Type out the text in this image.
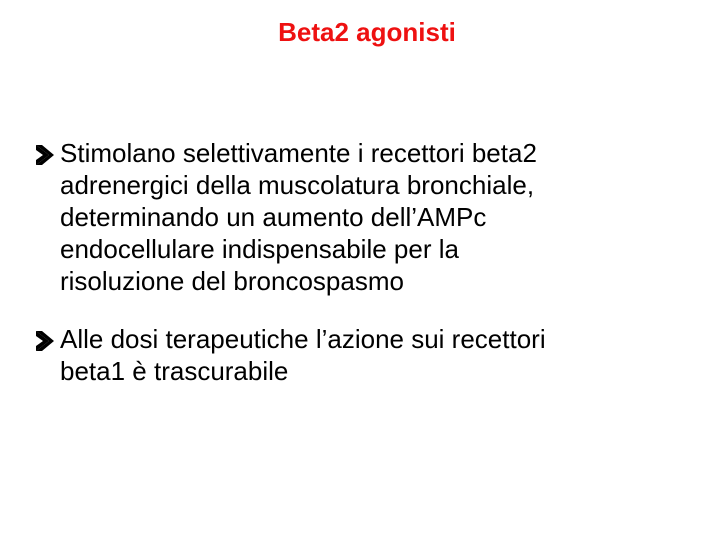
Beta2 agonisti
Stimolano selettivamente i recettori beta2
adrenergici della muscolatura bronchiale,
determinando un aumento dell’AMPc
endocellulare indispensabile per la
risoluzione del broncospasmo
Alle dosi terapeutiche l’azione sui recettori
beta1 è trascurabile
